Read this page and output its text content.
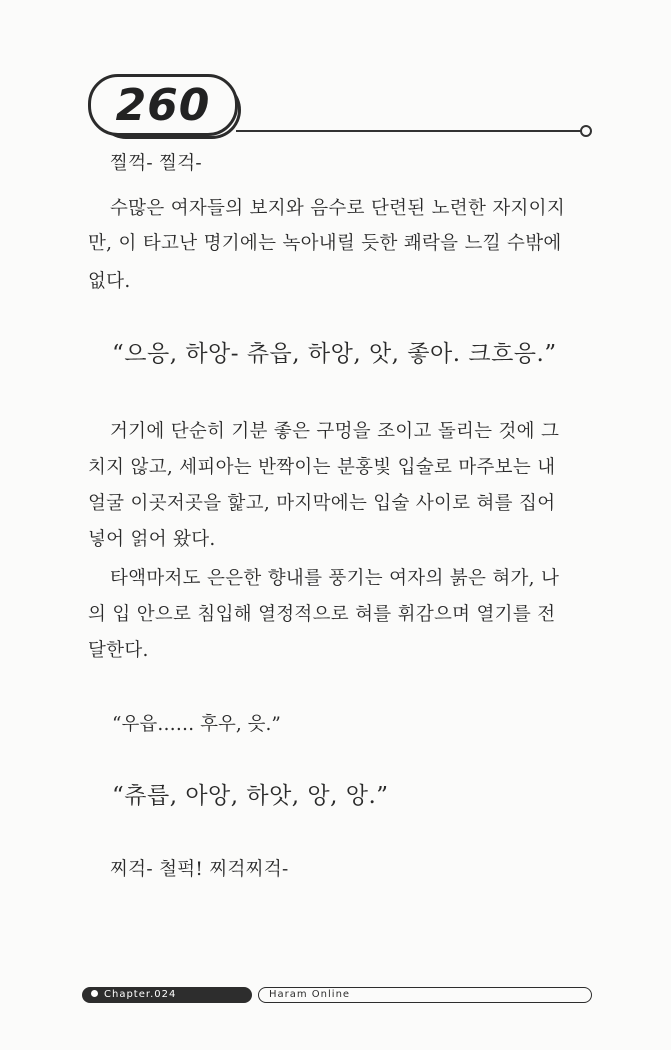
260

찔꺽- 찔걱-

수많은 여자들의 보지와 음수로 단련된 노련한 자지이지

만, 이 타고난 명기에는 녹아내릴 듯한 쾌락을 느낄 수밖에

없다.

“으응, 하앙- 츄읍, 하앙, 앗, 좋아. 크흐응.”

거기에 단순히 기분 좋은 구멍을 조이고 돌리는 것에 그

치지 않고, 세피아는 반짝이는 분홍빛 입술로 마주보는 내

얼굴 이곳저곳을 핥고, 마지막에는 입술 사이로 혀를 집어

넣어 얽어 왔다.

타액마저도 은은한 향내를 풍기는 여자의 붉은 혀가, 나

의 입 안으로 침입해 열정적으로 혀를 휘감으며 열기를 전

달한다.

“우읍…… 후우, 읏.”

“츄릅, 아앙, 하앗, 앙, 앙.”

찌걱- 철퍽! 찌걱찌걱-

Chapter.024	Haram Online
